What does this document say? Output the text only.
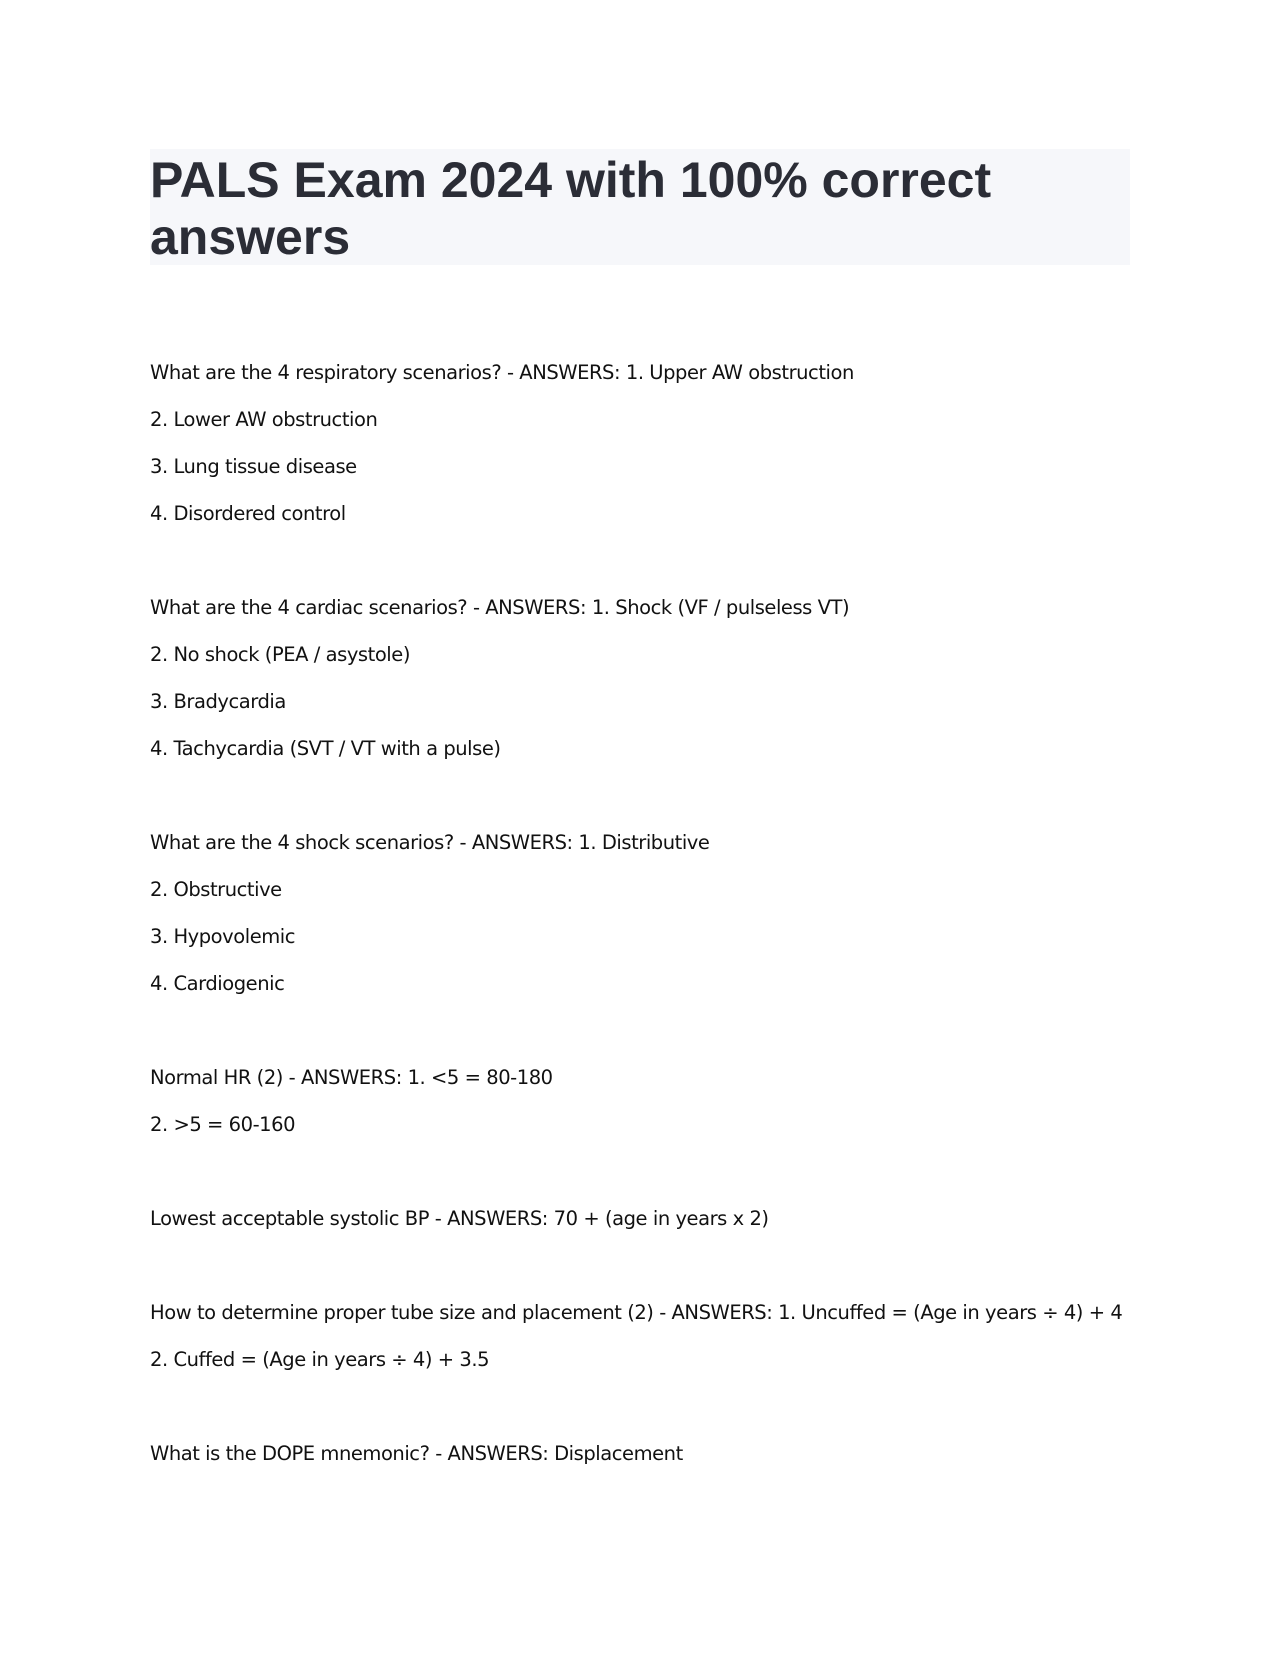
PALS Exam 2024 with 100% correct answers
What are the 4 respiratory scenarios? - ANSWERS: 1. Upper AW obstruction
2. Lower AW obstruction
3. Lung tissue disease
4. Disordered control
What are the 4 cardiac scenarios? - ANSWERS: 1. Shock (VF / pulseless VT)
2. No shock (PEA / asystole)
3. Bradycardia
4. Tachycardia (SVT / VT with a pulse)
What are the 4 shock scenarios? - ANSWERS: 1. Distributive
2. Obstructive
3. Hypovolemic
4. Cardiogenic
Normal HR (2) - ANSWERS: 1. <5 = 80-180
2. >5 = 60-160
Lowest acceptable systolic BP - ANSWERS: 70 + (age in years x 2)
How to determine proper tube size and placement (2) - ANSWERS: 1. Uncuffed = (Age in years ÷ 4) + 4
2. Cuffed = (Age in years ÷ 4) + 3.5
What is the DOPE mnemonic? - ANSWERS: Displacement
